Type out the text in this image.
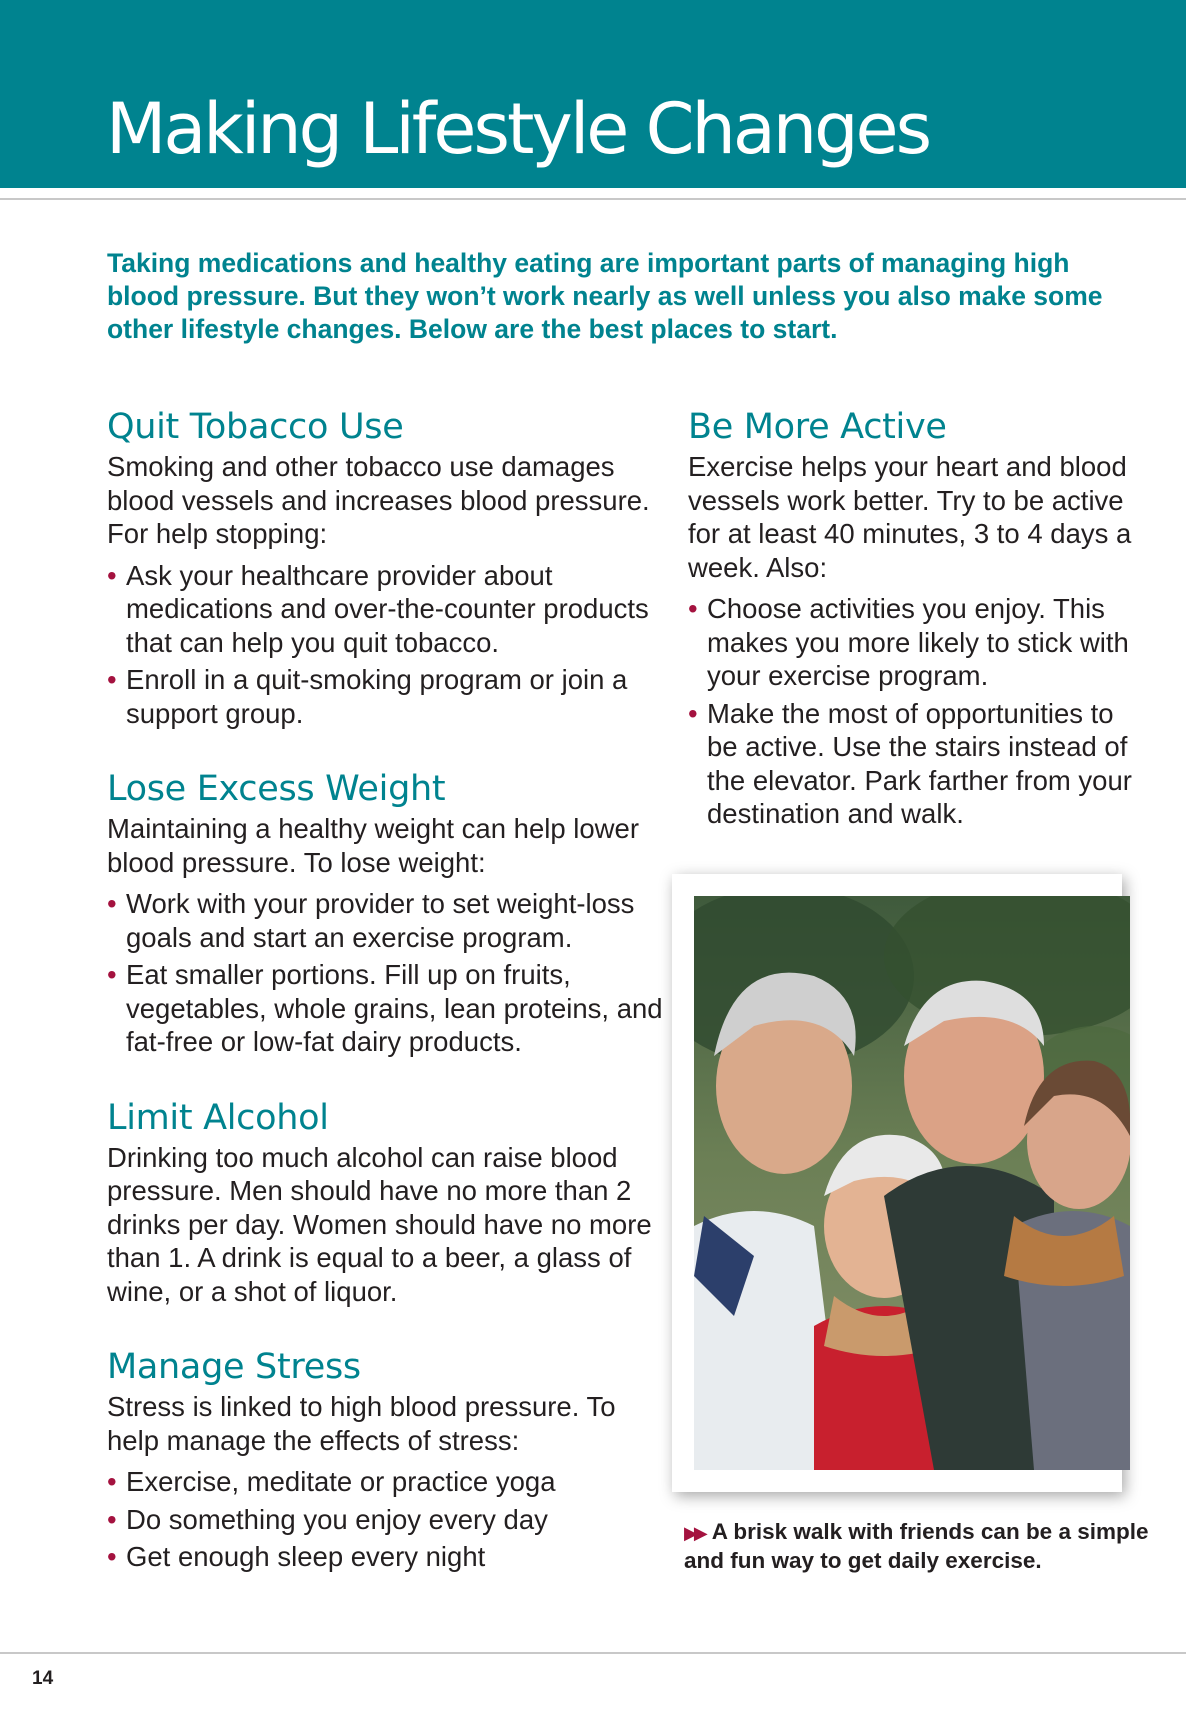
Making Lifestyle Changes

Taking medications and healthy eating are important parts of managing high blood pressure. But they won’t work nearly as well unless you also make some other lifestyle changes. Below are the best places to start.

Quit Tobacco Use

Smoking and other tobacco use damages blood vessels and increases blood pressure. For help stopping:

• Ask your healthcare provider about medications and over-the-counter products that can help you quit tobacco.
• Enroll in a quit-smoking program or join a support group.
Lose Excess Weight

Maintaining a healthy weight can help lower blood pressure. To lose weight:

• Work with your provider to set weight-loss goals and start an exercise program.
• Eat smaller portions. Fill up on fruits, vegetables, whole grains, lean proteins, and fat-free or low-fat dairy products.
Limit Alcohol

Drinking too much alcohol can raise blood pressure. Men should have no more than 2 drinks per day. Women should have no more than 1. A drink is equal to a beer, a glass of wine, or a shot of liquor.

Manage Stress

Stress is linked to high blood pressure. To help manage the effects of stress:

• Exercise, meditate or practice yoga
• Do something you enjoy every day
• Get enough sleep every night
Be More Active

Exercise helps your heart and blood vessels work better. Try to be active for at least 40 minutes, 3 to 4 days a week. Also:

• Choose activities you enjoy. This makes you more likely to stick with your exercise program.
• Make the most of opportunities to be active. Use the stairs instead of the elevator. Park farther from your destination and walk.

▶▶ A brisk walk with friends can be a simple and fun way to get daily exercise.

14
